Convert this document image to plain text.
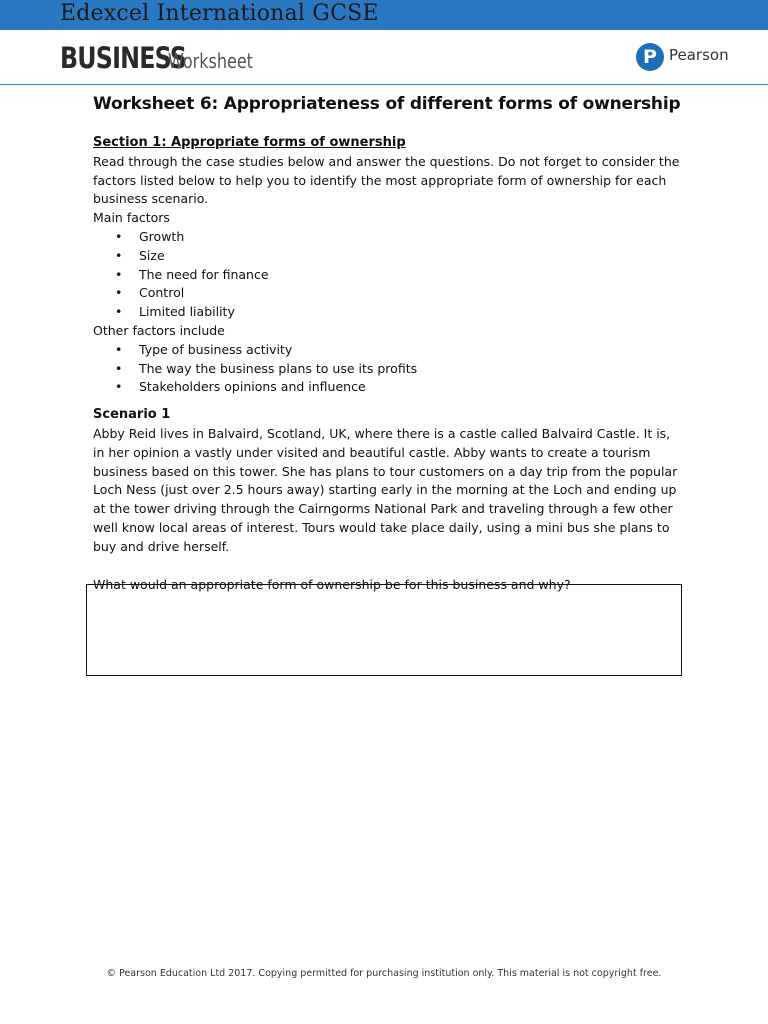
Edexcel International GCSE
BUSINESSWorksheet	P Pearson
Worksheet 6: Appropriateness of different forms of ownership

Section 1: Appropriate forms of ownership

Read through the case studies below and answer the questions. Do not forget to consider the factors listed below to help you to identify the most appropriate form of ownership for each business scenario.

Main factors

• Growth
• Size
• The need for finance
• Control
• Limited liability

Other factors include

• Type of business activity
• The way the business plans to use its profits
• Stakeholders opinions and influence

Scenario 1

Abby Reid lives in Balvaird, Scotland, UK, where there is a castle called Balvaird Castle. It is, in her opinion a vastly under visited and beautiful castle. Abby wants to create a tourism business based on this tower. She has plans to tour customers on a day trip from the popular Loch Ness (just over 2.5 hours away) starting early in the morning at the Loch and ending up at the tower driving through the Cairngorms National Park and traveling through a few other well know local areas of interest. Tours would take place daily, using a mini bus she plans to buy and drive herself.

What would an appropriate form of ownership be for this business and why?

© Pearson Education Ltd 2017. Copying permitted for purchasing institution only. This material is not copyright free.
